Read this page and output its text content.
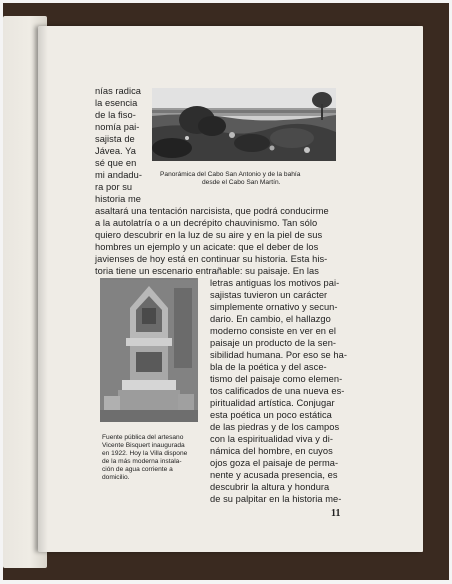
nías radica
la esencia
de la fiso-
nomía pai-
sajista de
Jávea. Ya
sé que en
mi andadu-
ra por su
historia me
Panorámica del Cabo San Antonio y de la bahía
desde el Cabo San Martín.
asaltará una tentación narcisista, que podrá conducirme
a la autolatría o a un decrépito chauvinismo. Tan sólo
quiero descubrir en la luz de su aire y en la piel de sus
hombres un ejemplo y un acicate: que el deber de los
javienses de hoy está en continuar su historia. Esta his-
toria tiene un escenario entrañable: su paisaje. En las
Fuente pública del artesano
Vicente Bisquert inaugurada
en 1922. Hoy la Villa dispone
de la más moderna instala-
ción de agua corriente a
domicilio.
letras antiguas los motivos pai-
sajistas tuvieron un carácter
simplemente ornativo y secun-
dario. En cambio, el hallazgo
moderno consiste en ver en el
paisaje un producto de la sen-
sibilidad humana. Por eso se ha-
bla de la poética y del asce-
tismo del paisaje como elemen-
tos calificados de una nueva es-
piritualidad artística. Conjugar
esta poética un poco estática
de las piedras y de los campos
con la espiritualidad viva y di-
námica del hombre, en cuyos
ojos goza el paisaje de perma-
nente y acusada presencia, es
descubrir la altura y hondura
de su palpitar en la historia me-
11
